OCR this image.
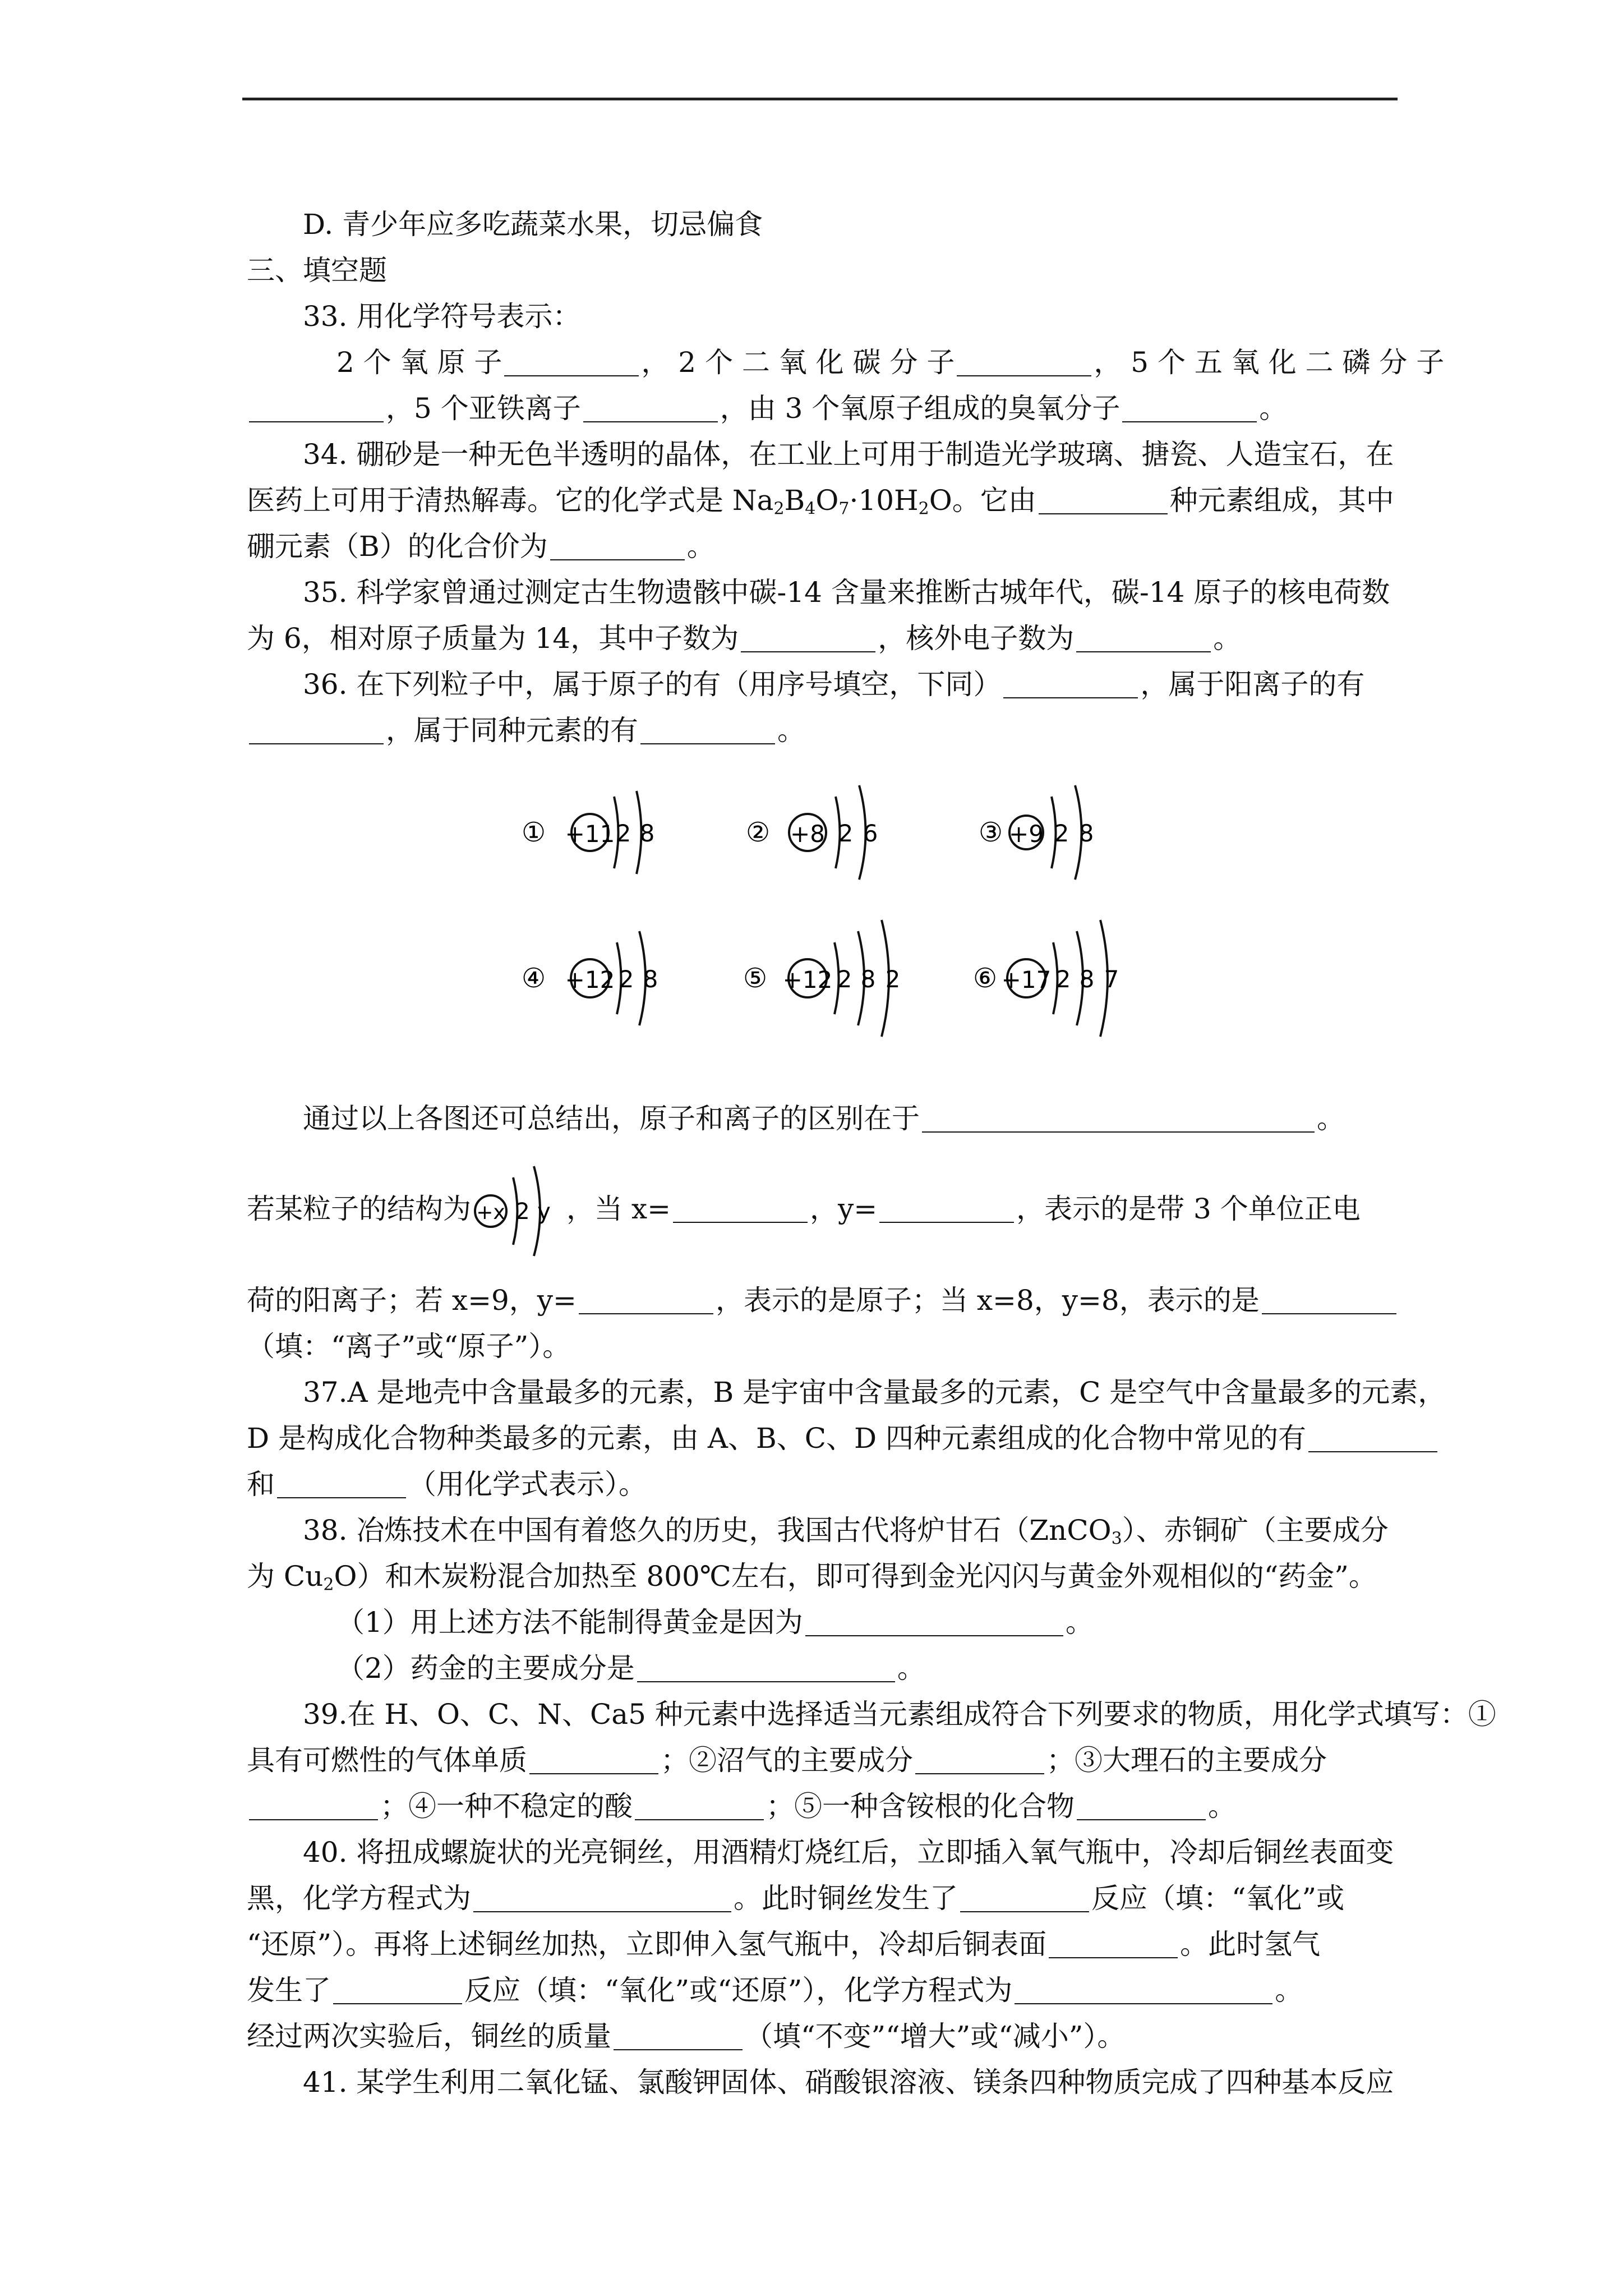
D. 青少年应多吃蔬菜水果，切忌偏食
三、填空题
33. 用化学符号表示：
2 个 氧 原 子	， 2 个 二 氧 化 碳 分 子	， 5 个 五 氧 化 二 磷 分 子
，5 个亚铁离子	，由 3 个氧原子组成的臭氧分子	。
34. 硼砂是一种无色半透明的晶体，在工业上可用于制造光学玻璃、搪瓷、人造宝石，在
医药上可用于清热解毒。它的化学式是 $Na_2B_4O_7\cdot 10H_2O$。它由	种元素组成，其中
硼元素（B）的化合价为	。
35. 科学家曾通过测定古生物遗骸中碳-14 含量来推断古城年代，碳-14 原子的核电荷数
为 6，相对原子质量为 14，其中子数为	，核外电子数为	。
36. 在下列粒子中，属于原子的有（用序号填空，下同）	，属于阳离子的有
，属于同种元素的有	。
① +11 2 8	② +8 2 6	③ +9 2 8
④ +12 2 8	⑤ +12 2 8 2	⑥ +17 2 8 7
通过以上各图还可总结出，原子和离子的区别在于	。
若某粒子的结构为 +x 2 y ，当 x=	，y=	，表示的是带 3 个单位正电
荷的阳离子；若 x=9，y=	，表示的是原子；当 x=8，y=8，表示的是
（填：“离子”或“原子”）。
37.A 是地壳中含量最多的元素，B 是宇宙中含量最多的元素，C 是空气中含量最多的元素，
D 是构成化合物种类最多的元素，由 A、B、C、D 四种元素组成的化合物中常见的有
和	（用化学式表示）。
38. 冶炼技术在中国有着悠久的历史，我国古代将炉甘石（ZnCO$_3$）、赤铜矿（主要成分
为 $Cu_2O$）和木炭粉混合加热至 800℃左右，即可得到金光闪闪与黄金外观相似的“药金”。
（1）用上述方法不能制得黄金是因为	。
（2）药金的主要成分是	。
39.在 H、O、C、N、Ca5 种元素中选择适当元素组成符合下列要求的物质，用化学式填写：①
具有可燃性的气体单质	；②沼气的主要成分	；③大理石的主要成分
；④一种不稳定的酸	；⑤一种含铵根的化合物	。
40. 将扭成螺旋状的光亮铜丝，用酒精灯烧红后，立即插入氧气瓶中，冷却后铜丝表面变
黑，化学方程式为	。此时铜丝发生了	反应（填：“氧化”或
“还原”）。再将上述铜丝加热，立即伸入氢气瓶中，冷却后铜表面	。此时氢气
发生了	反应（填：“氧化”或“还原”），化学方程式为	。
经过两次实验后，铜丝的质量	（填“不变”“增大”或“减小”）。
41. 某学生利用二氧化锰、氯酸钾固体、硝酸银溶液、镁条四种物质完成了四种基本反应
